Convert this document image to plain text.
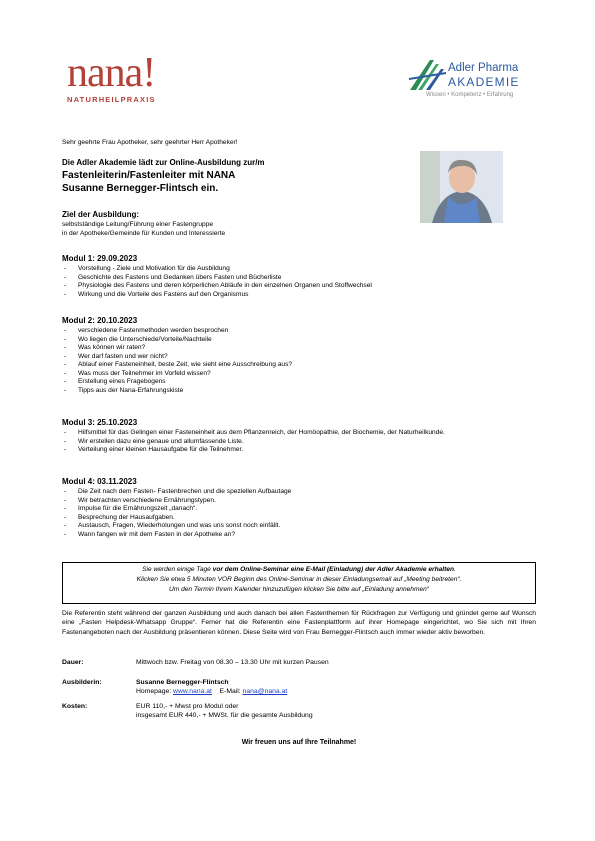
nana!
NATURHEILPRAXIS
Adler Pharma
AKADEMIE
Wissen • Kompetenz • Erfahrung
Sehr geehrte Frau Apotheker, sehr geehrter Herr Apotheker!
Die Adler Akademie lädt zur Online-Ausbildung zur/m
Fastenleiterin/Fastenleiter mit NANA
Susanne Bernegger-Flintsch ein.
Ziel der Ausbildung:
selbstständige Leitung/Führung einer Fastengruppe
in der Apotheke/Gemeinde für Kunden und Interessierte
Modul 1: 29.09.2023
- Vorstellung - Ziele und Motivation für die Ausbildung
- Geschichte des Fastens und Gedanken übers Fasten und Bücherliste
- Physiologie des Fastens und deren körperlichen Abläufe in den einzelnen Organen und Stoffwechsel
- Wirkung und die Vorteile des Fastens auf den Organismus
Modul 2: 20.10.2023
- verschiedene Fastenmethoden werden besprochen
- Wo liegen die Unterschiede/Vorteile/Nachteile
- Was können wir raten?
- Wer darf fasten und wer nicht?
- Ablauf einer Fasteneinheit, beste Zeit, wie sieht eine Ausschreibung aus?
- Was muss der Teilnehmer im Vorfeld wissen?
- Erstellung eines Fragebogens
- Tipps aus der Nana-Erfahrungskiste
Modul 3: 25.10.2023
- Hilfsmittel für das Gelingen einer Fasteneinheit aus dem Pflanzenreich, der Homöopathie, der Biochemie, der Naturheilkunde.
- Wir erstellen dazu eine genaue und allumfassende Liste.
- Verteilung einer kleinen Hausaufgabe für die Teilnehmer.
Modul 4: 03.11.2023
- Die Zeit nach dem Fasten- Fastenbrechen und die speziellen Aufbautage
- Wir betrachten verschiedene Ernährungstypen.
- Impulse für die Ernährungszeit „danach“.
- Besprechung der Hausaufgaben.
- Austausch, Fragen, Wiederholungen und was uns sonst noch einfällt.
- Wann fangen wir mit dem Fasten in der Apotheke an?
Sie werden einige Tage vor dem Online-Seminar eine E-Mail (Einladung) der Adler Akademie erhalten.
Klicken Sie etwa 5 Minuten VOR Beginn des Online-Seminar in dieser Einladungsemail auf „Meeting beitreten“.
Um den Termin Ihrem Kalender hinzuzufügen klicken Sie bitte auf „Einladung annehmen“
Die Referentin steht während der ganzen Ausbildung und auch danach bei allen Fastenthemen für Rückfragen zur Verfügung und gründet gerne auf Wunsch eine „Fasten Helpdesk-Whatsapp Gruppe“. Ferner hat die Referentin eine Fastenplattform auf ihrer Homepage eingerichtet, wo Sie sich mit Ihren Fastenangeboten nach der Ausbildung präsentieren können. Diese Seite wird von Frau Bernegger-Flintsch auch immer wieder aktiv beworben.
Dauer:	Mittwoch bzw. Freitag von 08.30 – 13.30 Uhr mit kurzen Pausen
Ausbilderin:	Susanne Bernegger-Flintsch
Homepage: www.nana.at E-Mail: nana@nana.at
Kosten:	EUR 110,- + Mwst pro Modul oder
insgesamt EUR 440,- + MWSt. für die gesamte Ausbildung
Wir freuen uns auf Ihre Teilnahme!
